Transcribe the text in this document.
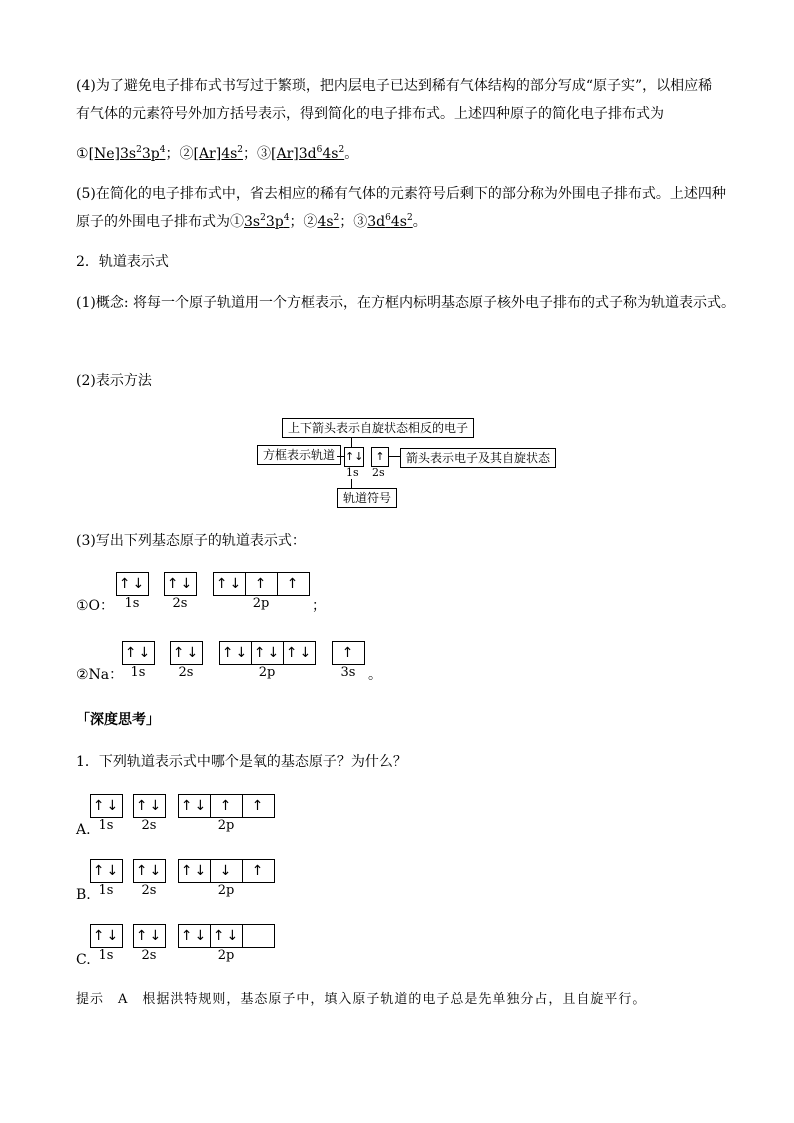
(4)为了避免电子排布式书写过于繁琐，把内层电子已达到稀有气体结构的部分写成“原子实”，以相应稀
有气体的元素符号外加方括号表示，得到简化的电子排布式。上述四种原子的简化电子排布式为
$①[Ne]3s^23p^4$；$②[Ar]4s^2$；$③[Ar]3d^64s^2$。
(5)在简化的电子排布式中，省去相应的稀有气体的元素符号后剩下的部分称为外围电子排布式。上述四种
原子的外围电子排布式为$①3s^23p^4$；$②4s^2$；$③3d^64s^2$。
2．轨道表示式
(1)概念: 将每一个原子轨道用一个方框表示，在方框内标明基态原子核外电子排布的式子称为轨道表示式。
(2)表示方法
上下箭头表示自旋状态相反的电子
方框表示轨道	箭头表示电子及其自旋状态
轨道符号
↑↓	↑
1s 2s
(3)写出下列基态原子的轨道表示式：
①O：
↑↓ ↑↓ ↑↓ ↑ ↑
1s	2s	2p	；
②Na：
↑↓ ↑↓ ↑↓ ↑↓ ↑↓ ↑
1s	2s	2p	3s 。
「深度思考」
1．下列轨道表示式中哪个是氧的基态原子？为什么？
A.
↑↓ ↑↓ ↑↓ ↑ ↑
1s	2s	2p
B.
↑↓ ↑↓ ↑↓ ↓ ↑
1s	2s	2p
C.
↑↓ ↑↓ ↑↓ ↑↓
1s	2s	2p
提示　A　根据洪特规则，基态原子中，填入原子轨道的电子总是先单独分占，且自旋平行。
